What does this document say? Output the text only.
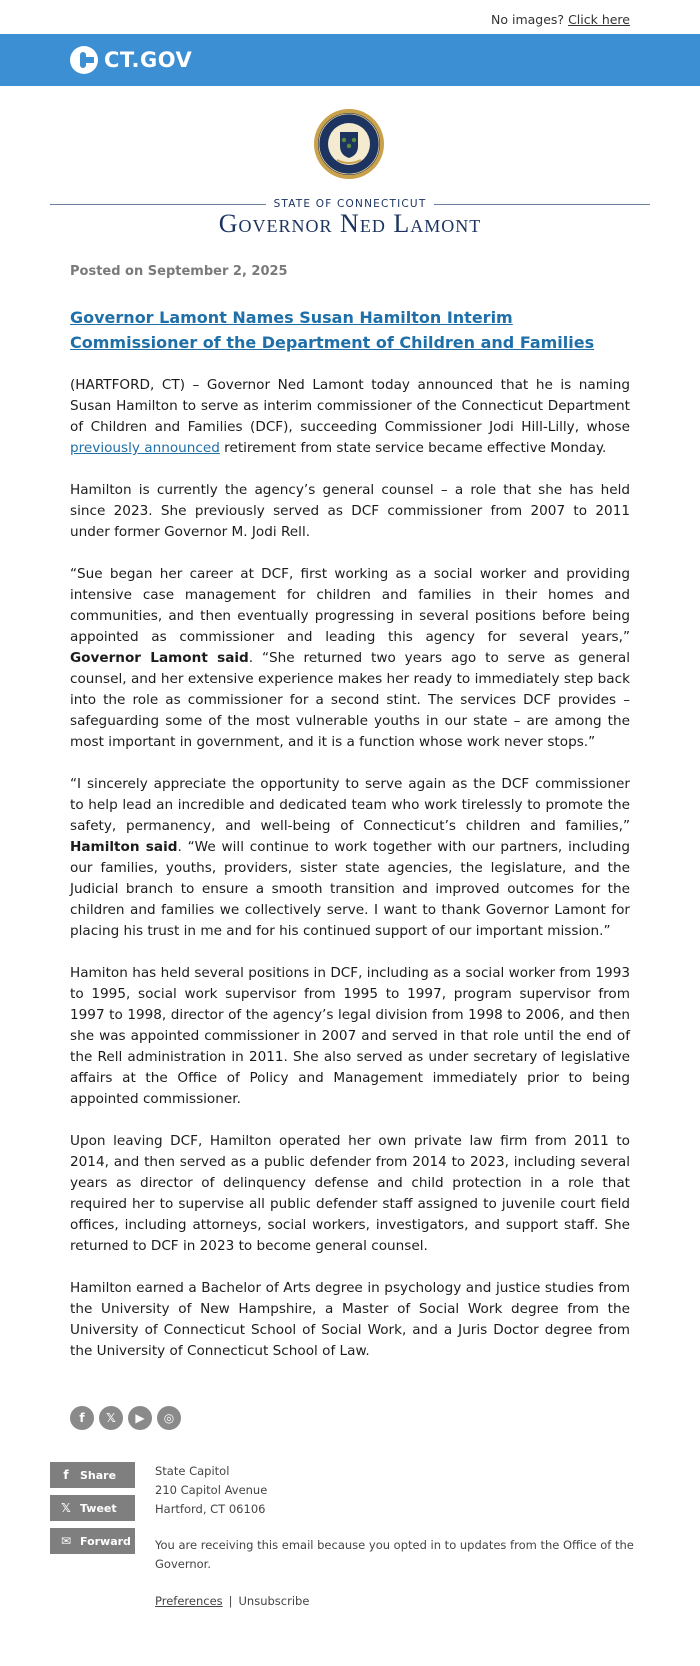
No images? Click here
CT.GOV
STATE OF CONNECTICUT
Governor Ned Lamont
Posted on September 2, 2025
Governor Lamont Names Susan Hamilton Interim Commissioner of the Department of Children and Families

(HARTFORD, CT) – Governor Ned Lamont today announced that he is naming Susan Hamilton to serve as interim commissioner of the Connecticut Department of Children and Families (DCF), succeeding Commissioner Jodi Hill-Lilly, whose previously announced retirement from state service became effective Monday.

Hamilton is currently the agency’s general counsel – a role that she has held since 2023. She previously served as DCF commissioner from 2007 to 2011 under former Governor M. Jodi Rell.

“Sue began her career at DCF, first working as a social worker and providing intensive case management for children and families in their homes and communities, and then eventually progressing in several positions before being appointed as commissioner and leading this agency for several years,” Governor Lamont said. “She returned two years ago to serve as general counsel, and her extensive experience makes her ready to immediately step back into the role as commissioner for a second stint. The services DCF provides – safeguarding some of the most vulnerable youths in our state – are among the most important in government, and it is a function whose work never stops.”

“I sincerely appreciate the opportunity to serve again as the DCF commissioner to help lead an incredible and dedicated team who work tirelessly to promote the safety, permanency, and well-being of Connecticut’s children and families,” Hamilton said. “We will continue to work together with our partners, including our families, youths, providers, sister state agencies, the legislature, and the Judicial branch to ensure a smooth transition and improved outcomes for the children and families we collectively serve. I want to thank Governor Lamont for placing his trust in me and for his continued support of our important mission.”

Hamiton has held several positions in DCF, including as a social worker from 1993 to 1995, social work supervisor from 1995 to 1997, program supervisor from 1997 to 1998, director of the agency’s legal division from 1998 to 2006, and then she was appointed commissioner in 2007 and served in that role until the end of the Rell administration in 2011. She also served as under secretary of legislative affairs at the Office of Policy and Management immediately prior to being appointed commissioner.

Upon leaving DCF, Hamilton operated her own private law firm from 2011 to 2014, and then served as a public defender from 2014 to 2023, including several years as director of delinquency defense and child protection in a role that required her to supervise all public defender staff assigned to juvenile court field offices, including attorneys, social workers, investigators, and support staff. She returned to DCF in 2023 to become general counsel.

Hamilton earned a Bachelor of Arts degree in psychology and justice studies from the University of New Hampshire, a Master of Social Work degree from the University of Connecticut School of Social Work, and a Juris Doctor degree from the University of Connecticut School of Law.

f	𝕏	▶	◎
f	Share
𝕏 Tweet
✉ Forward
State Capitol
210 Capitol Avenue
Hartford, CT 06106
You are receiving this email because you opted in to updates from the Office of the Governor.
Preferences | Unsubscribe
